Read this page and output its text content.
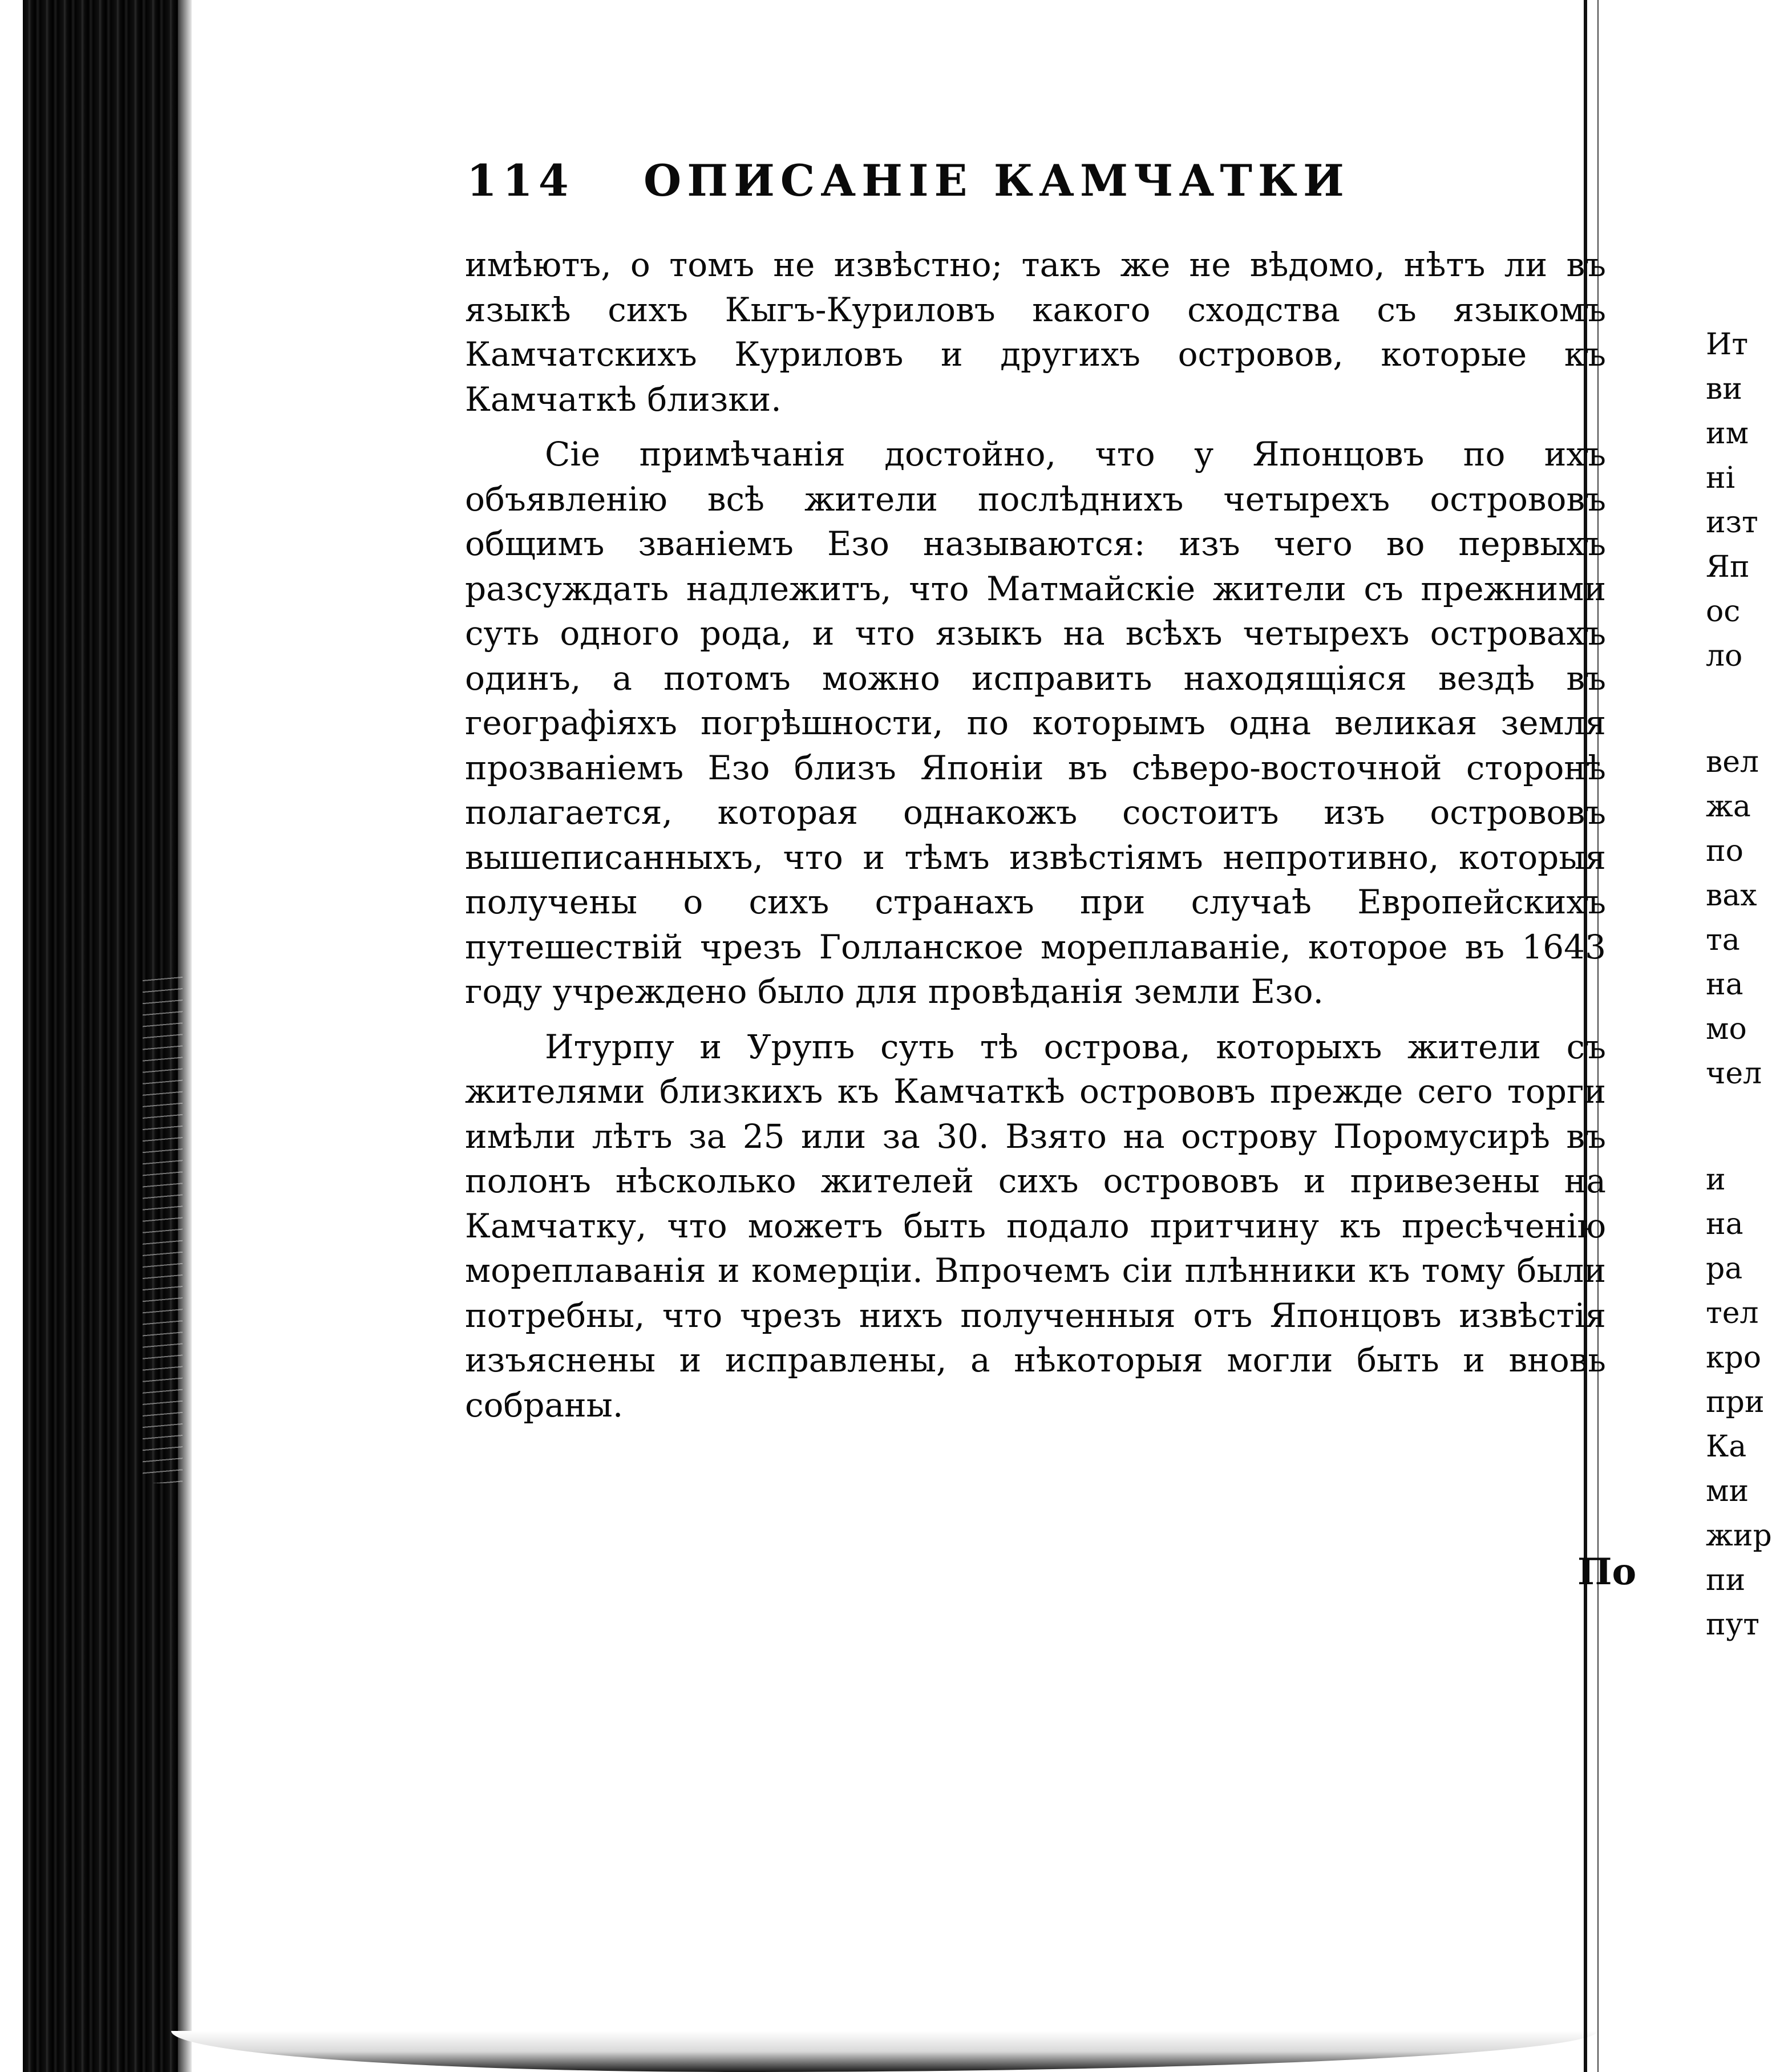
114 ОПИСАНІЕ КАМЧАТКИ

имѣютъ, о томъ не извѣстно; такъ же не вѣдомо, нѣтъ ли въ языкѣ сихъ Кыгъ-Куриловъ какого сходства съ языкомъ Камчатскихъ Куриловъ и другихъ островов, которые къ Камчаткѣ близки.

Сіе примѣчанія достойно, что у Японцовъ по ихъ объявленію всѣ жители послѣднихъ четырехъ острововъ общимъ званіемъ Езо называются: изъ чего во первыхъ разсуждать надлежитъ, что Матмайскіе жители съ прежними суть одного рода, и что языкъ на всѣхъ четырехъ островахъ одинъ, а потомъ можно исправить находящіяся вездѣ въ географіяхъ погрѣшности, по которымъ одна великая земля прозваніемъ Езо близъ Японіи въ сѣверо-восточной сторонѣ полагается, которая однакожъ состоитъ изъ острововъ вышеписанныхъ, что и тѣмъ извѣстіямъ непротивно, которыя получены о сихъ странахъ при случаѣ Европейскихъ путешествій чрезъ Голланское мореплаваніе, которое въ 1643 году учреждено было для провѣданія земли Езо.

Итурпу и Урупъ суть тѣ острова, которыхъ жители съ жителями близкихъ къ Камчаткѣ острововъ прежде сего торги имѣли лѣтъ за 25 или за 30. Взято на острову Поромусирѣ въ полонъ нѣсколько жителей сихъ острововъ и привезены на Камчатку, что можетъ быть подало притчину къ пресѣченію мореплаванія и комерціи. Впрочемъ сіи плѣнники къ тому были потребны, что чрезъ нихъ полученныя отъ Японцовъ извѣстія изъяснены и исправлены, а нѣкоторыя могли быть и вновь собраны.

По
Ит
ви
им
ні
изт
Яп
ос
ло
вел
жа
по
вах
та
на
мо
чел
и
на
ра
тел
кро
при
Ка
ми
жир
пи
пут
